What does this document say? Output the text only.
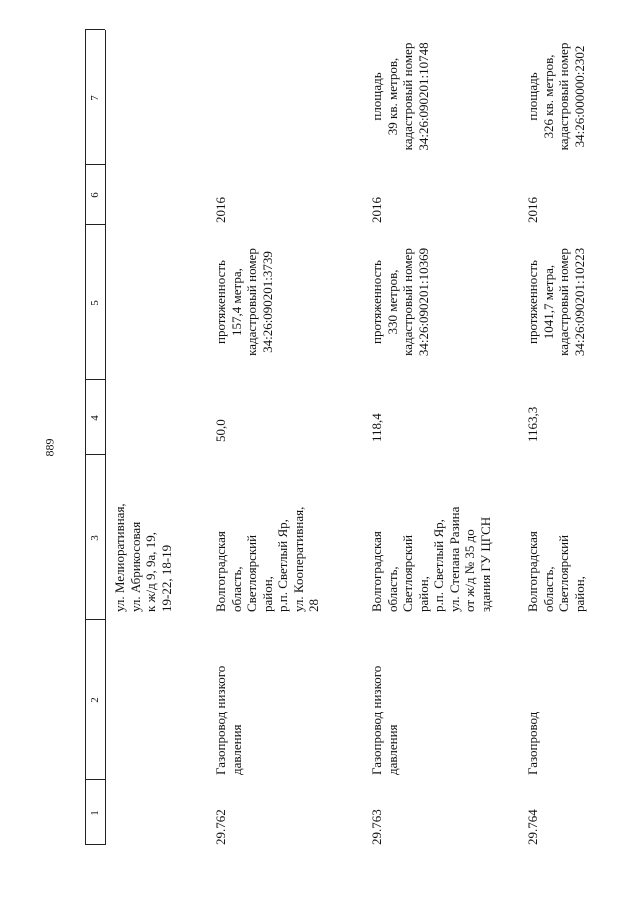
889
1
2
3
4
5
6
7
ул. Мелиоративная,
ул. Абрикосовая
к ж/д 9, 9а, 19,
19-22, 18-19
29.762
Газопровод низкого
давления
Волгоградская
область,
Светлоярский
район,
р.п. Светлый Яр,
ул. Кооперативная,
28
50,0
протяженность
157,4 метра,
кадастровый номер
34:26:090201:3739
2016
29.763
Газопровод низкого
давления
Волгоградская
область,
Светлоярский
район,
р.п. Светлый Яр,
ул. Степана Разина
от ж/д № 35 до
здания ГУ ЦГСН
118,4
протяженность
330 метров,
кадастровый номер
34:26:090201:10369
2016
площадь
39 кв. метров,
кадастровый номер
34:26:090201:10748
29.764
Газопровод
Волгоградская
область,
Светлоярский
район,
1163,3
протяженность
1041,7 метра,
кадастровый номер
34:26:090201:10223
2016
площадь
326 кв. метров,
кадастровый номер
34:26:000000:2302
